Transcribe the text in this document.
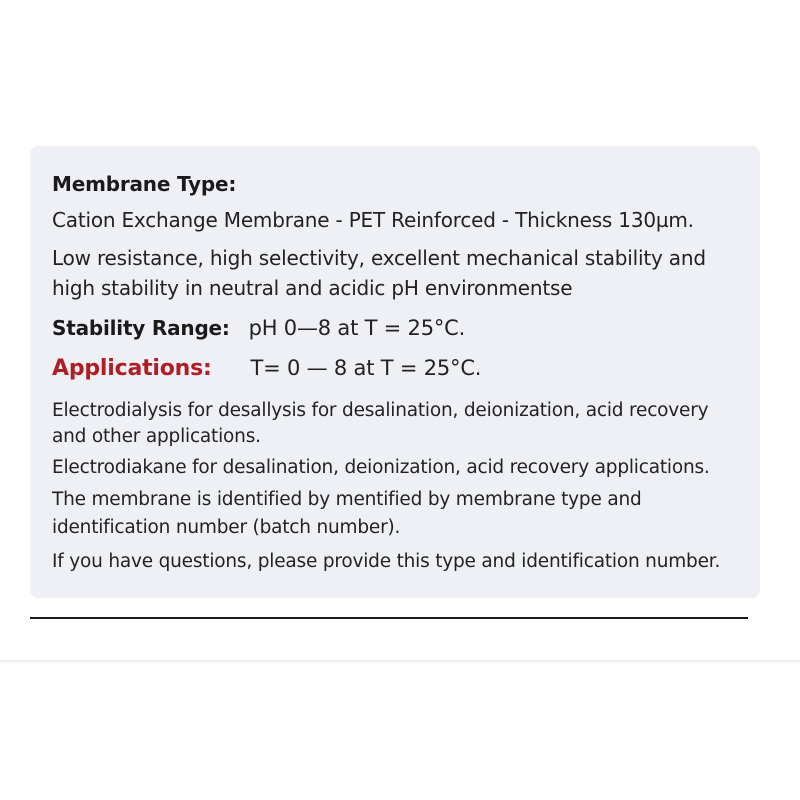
Membrane Type:
Cation Exchange Membrane - PET Reinforced - Thickness 130µm.
Low resistance, high selectivity, excellent mechanical stability and
high stability in neutral and acidic pH environmentse
Stability Range: pH 0—8 at T = 25°C.
Applications: T= 0 — 8 at T = 25°C.
Electrodialysis for desallysis for desalination, deionization, acid recovery
and other applications.
Electrodiakane for desalination, deionization, acid recovery applications.
The membrane is identified by mentified by membrane type and
identification number (batch number).
If you have questions, please provide this type and identification number.
